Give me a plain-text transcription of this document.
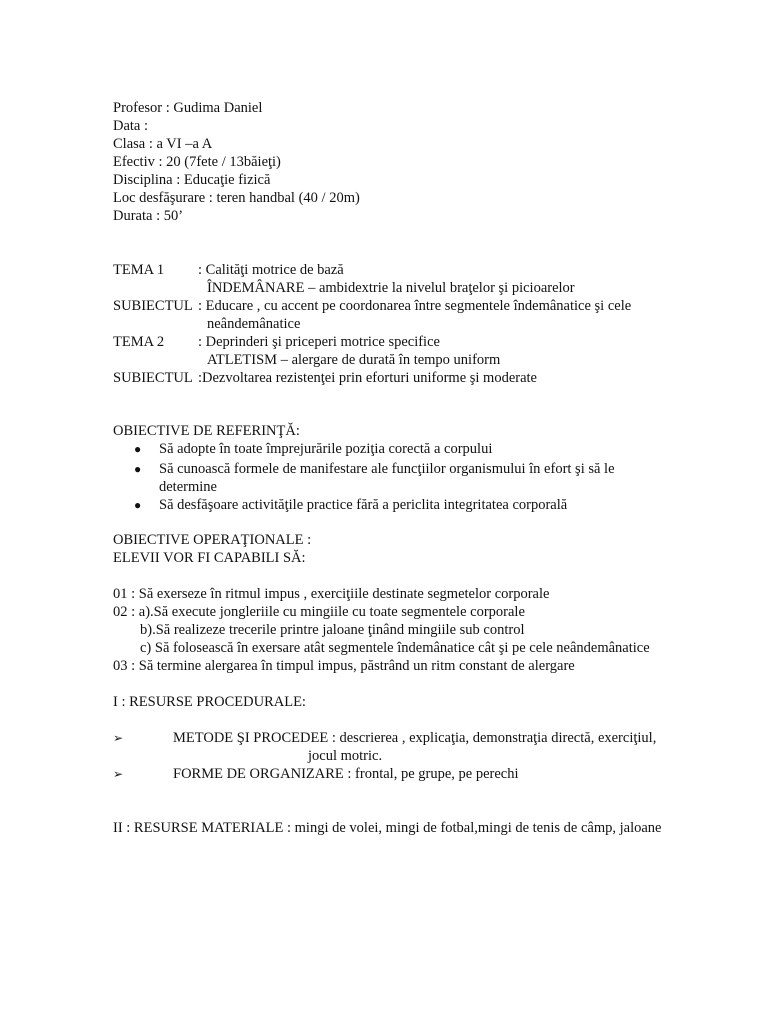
Profesor : Gudima Daniel
Data :
Clasa : a VI –a A
Efectiv : 20 (7fete / 13băieţi)
Disciplina : Educaţie fizică
Loc desfăşurare : teren handbal (40 / 20m)
Durata : 50’
TEMA 1 : Calităţi motrice de bază
ÎNDEMÂNARE – ambidextrie la nivelul braţelor şi picioarelor
SUBIECTUL : Educare , cu accent pe coordonarea între segmentele îndemânatice şi cele
neândemânatice
TEMA 2 : Deprinderi şi priceperi motrice specifice
ATLETISM – alergare de durată în tempo uniform
SUBIECTUL :Dezvoltarea rezistenţei prin eforturi uniforme şi moderate
OBIECTIVE DE REFERINŢĂ:
● Să adopte în toate împrejurările poziţia corectă a corpului
● Să cunoască formele de manifestare ale funcţiilor organismului în efort şi să le
determine
● Să desfăşoare activităţile practice fără a periclita integritatea corporală
OBIECTIVE OPERAŢIONALE :
ELEVII VOR FI CAPABILI SĂ:
01 : Să exerseze în ritmul impus , exerciţiile destinate segmetelor corporale
02 : a).Să execute jongleriile cu mingiile cu toate segmentele corporale
b).Să realizeze trecerile printre jaloane ţinând mingiile sub control
c) Să folosească în exersare atât segmentele îndemânatice cât şi pe cele neândemânatice
03 : Să termine alergarea în timpul impus, păstrând un ritm constant de alergare
I : RESURSE PROCEDURALE:
➢	METODE ŞI PROCEDEE : descrierea , explicaţia, demonstraţia directă, exerciţiul,
jocul motric.
➢	FORME DE ORGANIZARE : frontal, pe grupe, pe perechi
II : RESURSE MATERIALE : mingi de volei, mingi de fotbal,mingi de tenis de câmp, jaloane
